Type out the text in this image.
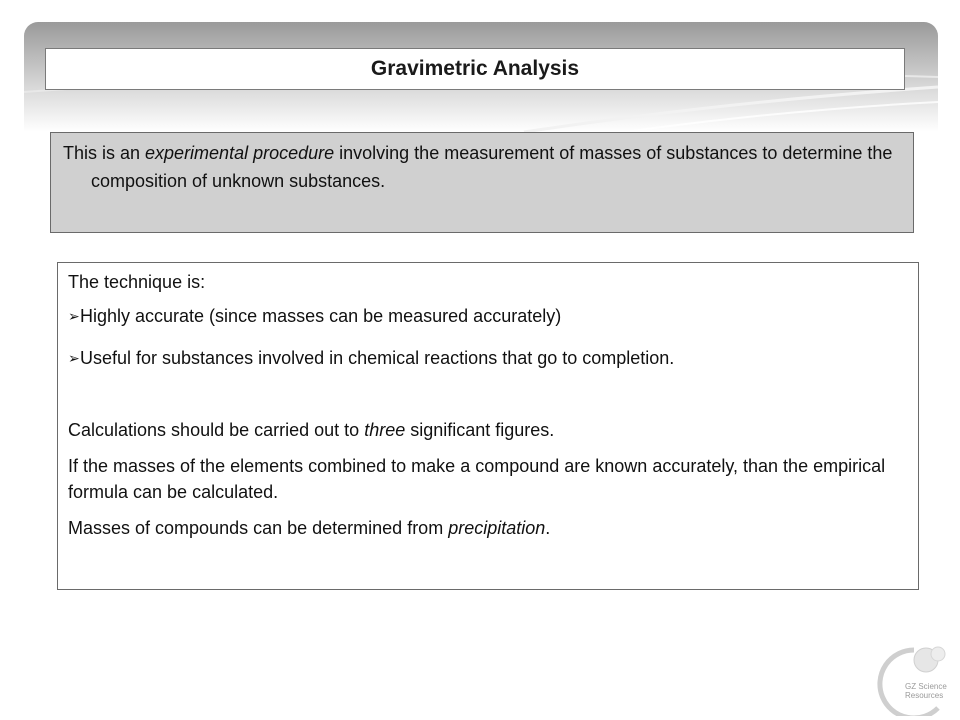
Gravimetric Analysis

This is an experimental procedure involving the measurement of masses of substances to determine the composition of unknown substances.

The technique is:

➢ Highly accurate (since masses can be measured accurately)

➢ Useful for substances involved in chemical reactions that go to completion.

Calculations should be carried out to three significant figures.

If the masses of the elements combined to make a compound are known accurately, than the empirical formula can be calculated.

Masses of compounds can be determined from precipitation.

GZ Science
Resources
